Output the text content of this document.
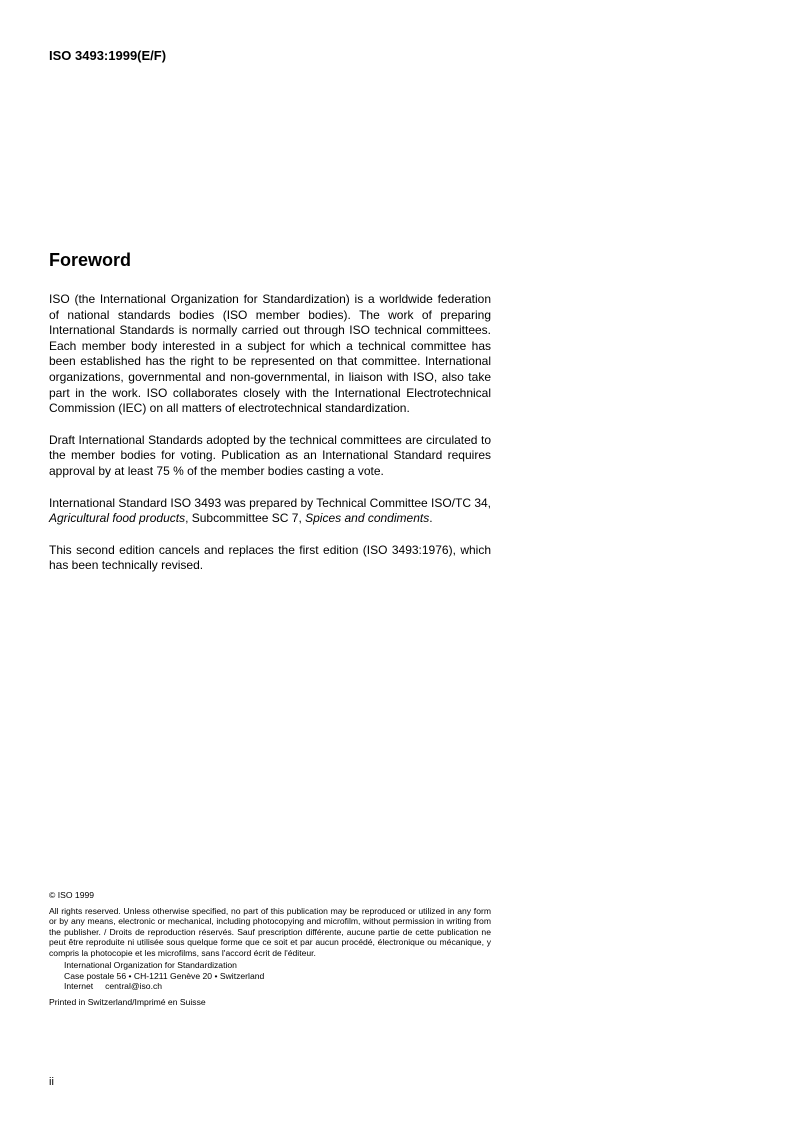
ISO 3493:1999(E/F)
Foreword

ISO (the International Organization for Standardization) is a worldwide federation of national standards bodies (ISO member bodies). The work of preparing International Standards is normally carried out through ISO technical committees. Each member body interested in a subject for which a technical committee has been established has the right to be represented on that committee. International organizations, governmental and non-governmental, in liaison with ISO, also take part in the work. ISO collaborates closely with the International Electrotechnical Commission (IEC) on all matters of electrotechnical standardization.

Draft International Standards adopted by the technical committees are circulated to the member bodies for voting. Publication as an International Standard requires approval by at least 75 % of the member bodies casting a vote.

International Standard ISO 3493 was prepared by Technical Committee ISO/TC 34, Agricultural food products, Subcommittee SC 7, Spices and condiments.

This second edition cancels and replaces the first edition (ISO 3493:1976), which has been technically revised.

© ISO 1999
All rights reserved. Unless otherwise specified, no part of this publication may be reproduced or utilized in any form or by any means, electronic or mechanical, including photocopying and microfilm, without permission in writing from the publisher. / Droits de reproduction réservés. Sauf prescription différente, aucune partie de cette publication ne peut être reproduite ni utilisée sous quelque forme que ce soit et par aucun procédé, électronique ou mécanique, y compris la photocopie et les microfilms, sans l'accord écrit de l'éditeur.
International Organization for Standardization
Case postale 56 • CH-1211 Genève 20 • Switzerland
Internet     central@iso.ch
Printed in Switzerland/Imprimé en Suisse
ii
